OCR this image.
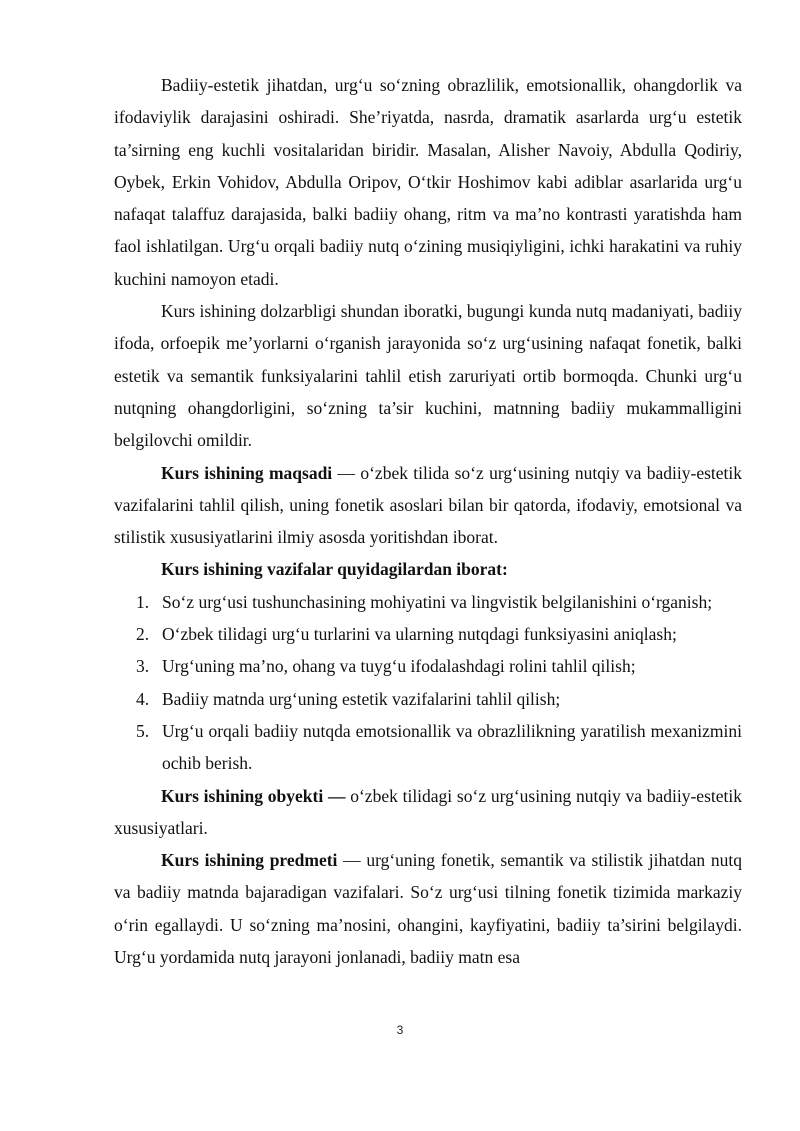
Badiiy-estetik jihatdan, urg‘u so‘zning obrazlilik, emotsionallik, ohangdorlik va ifodaviylik darajasini oshiradi. She’riyatda, nasrda, dramatik asarlarda urg‘u estetik ta’sirning eng kuchli vositalaridan biridir. Masalan, Alisher Navoiy, Abdulla Qodiriy, Oybek, Erkin Vohidov, Abdulla Oripov, O‘tkir Hoshimov kabi adiblar asarlarida urg‘u nafaqat talaffuz darajasida, balki badiiy ohang, ritm va ma’no kontrasti yaratishda ham faol ishlatilgan. Urg‘u orqali badiiy nutq o‘zining musiqiyligini, ichki harakatini va ruhiy kuchini namoyon etadi.

Kurs ishining dolzarbligi shundan iboratki, bugungi kunda nutq madaniyati, badiiy ifoda, orfoepik me’yorlarni o‘rganish jarayonida so‘z urg‘usining nafaqat fonetik, balki estetik va semantik funksiyalarini tahlil etish zaruriyati ortib bormoqda. Chunki urg‘u nutqning ohangdorligini, so‘zning ta’sir kuchini, matnning badiiy mukammalligini belgilovchi omildir.

Kurs ishining maqsadi — o‘zbek tilida so‘z urg‘usining nutqiy va badiiy-estetik vazifalarini tahlil qilish, uning fonetik asoslari bilan bir qatorda, ifodaviy, emotsional va stilistik xususiyatlarini ilmiy asosda yoritishdan iborat.

Kurs ishining vazifalar quyidagilardan iborat:

1. So‘z urg‘usi tushunchasining mohiyatini va lingvistik belgilanishini o‘rganish;
2. O‘zbek tilidagi urg‘u turlarini va ularning nutqdagi funksiyasini aniqlash;
3. Urg‘uning ma’no, ohang va tuyg‘u ifodalashdagi rolini tahlil qilish;
4. Badiiy matnda urg‘uning estetik vazifalarini tahlil qilish;
5. Urg‘u orqali badiiy nutqda emotsionallik va obrazlilikning yaratilish mexanizmini ochib berish.

Kurs ishining obyekti — o‘zbek tilidagi so‘z urg‘usining nutqiy va badiiy-estetik xususiyatlari.

Kurs ishining predmeti — urg‘uning fonetik, semantik va stilistik jihatdan nutq va badiiy matnda bajaradigan vazifalari. So‘z urg‘usi tilning fonetik tizimida markaziy o‘rin egallaydi. U so‘zning ma’nosini, ohangini, kayfiyatini, badiiy ta’sirini belgilaydi. Urg‘u yordamida nutq jarayoni jonlanadi, badiiy matn esa

3
